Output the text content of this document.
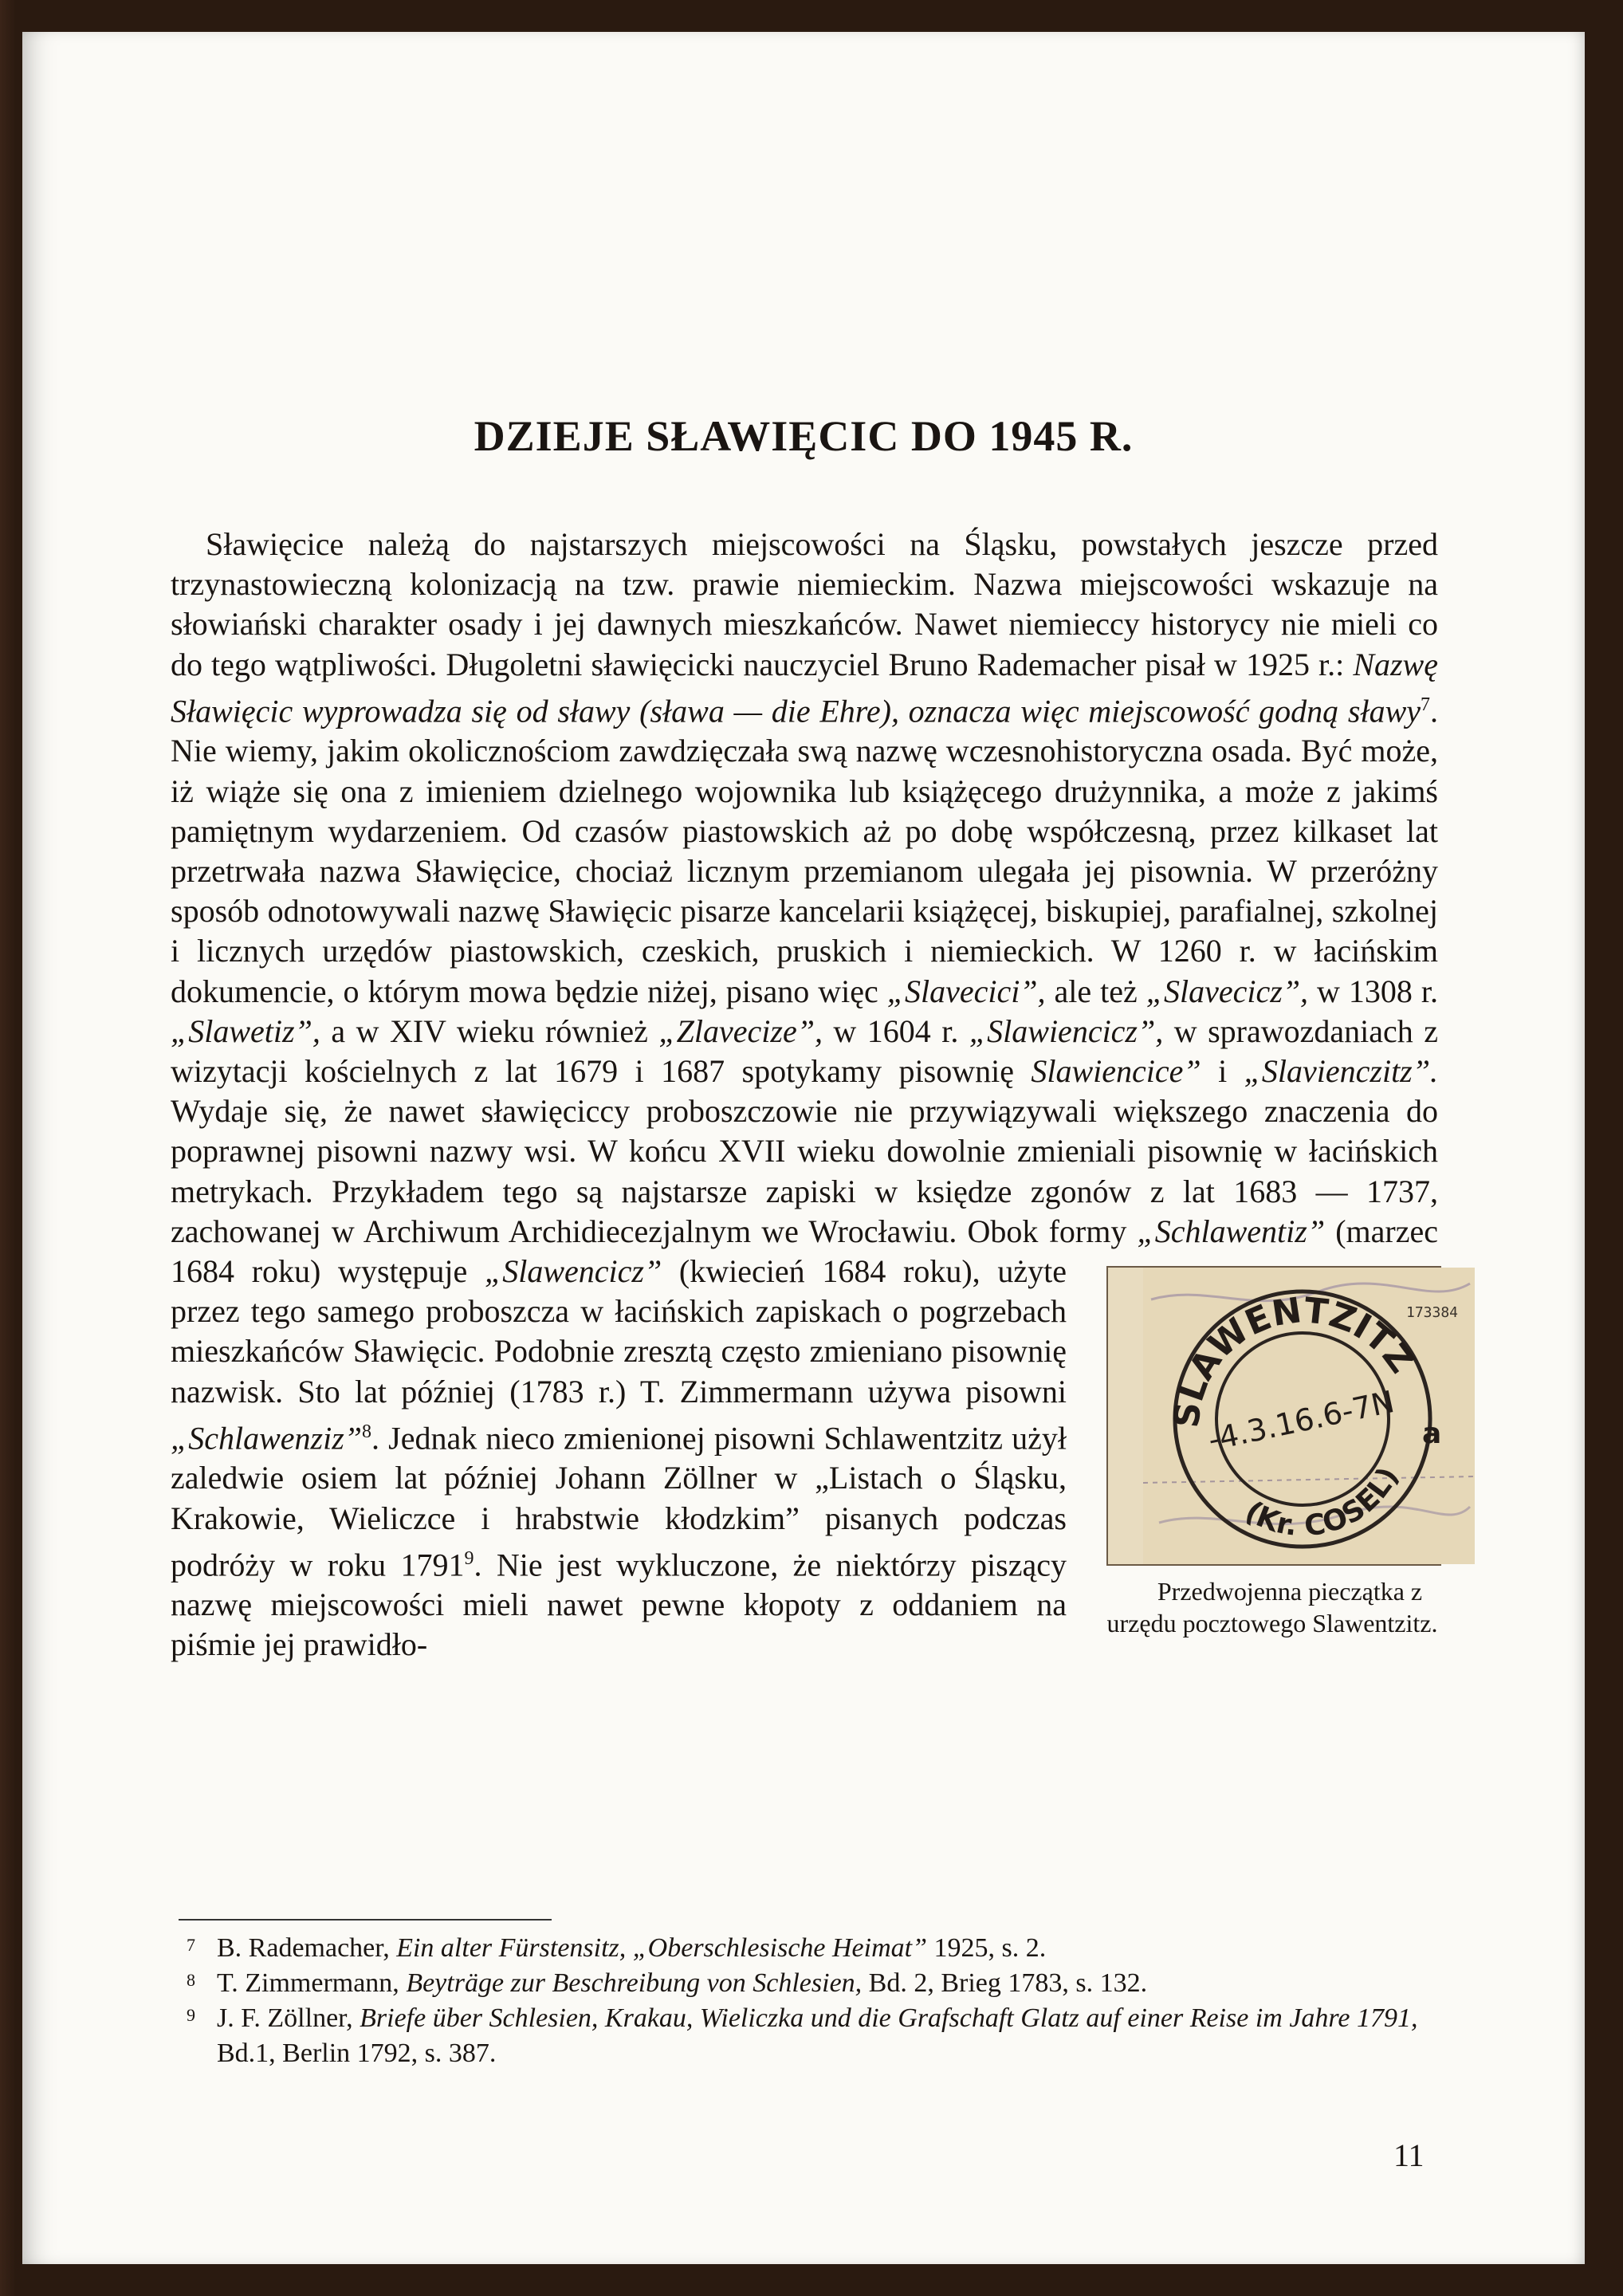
DZIEJE SŁAWIĘCIC DO 1945 R.

Sławięcice należą do najstarszych miejscowości na Śląsku, powstałych jeszcze przed trzynastowieczną kolonizacją na tzw. prawie niemieckim. Nazwa miejscowości wskazuje na słowiański charakter osady i jej dawnych mieszkańców. Nawet niemieccy historycy nie mieli co do tego wątpliwości. Długoletni sławięcicki nauczyciel Bruno Rademacher pisał w 1925 r.: Nazwę Sławięcic wyprowadza się od sławy (sława — die Ehre), oznacza więc miejscowość godną sławy$^7$. Nie wiemy, jakim okolicznościom zawdzięczała swą nazwę wczesnohistoryczna osada. Być może, iż wiąże się ona z imieniem dzielnego wojownika lub książęcego drużynnika, a może z jakimś pamiętnym wydarzeniem. Od czasów piastowskich aż po dobę współczesną, przez kilkaset lat przetrwała nazwa Sławięcice, chociaż licznym przemianom ulegała jej pisownia. W przeróżny sposób odnotowywali nazwę Sławięcic pisarze kancelarii książęcej, biskupiej, parafialnej, szkolnej i licznych urzędów piastowskich, czeskich, pruskich i niemieckich. W 1260 r. w łacińskim dokumencie, o którym mowa będzie niżej, pisano więc „Slavecici”, ale też „Slavecicz”, w 1308 r. „Slawetiz”, a w XIV wieku również „Zlavecize”, w 1604 r. „Slawiencicz”, w sprawozdaniach z wizytacji kościelnych z lat 1679 i 1687 spotykamy pisownię Slawiencice” i „Slavienczitz”. Wydaje się, że nawet sławięciccy proboszczowie nie przywiązywali większego znaczenia do poprawnej pisowni nazwy wsi. W końcu XVII wieku dowolnie zmieniali pisownię w łacińskich metrykach. Przykładem tego są najstarsze zapiski w księdze zgonów z lat 1683 — 1737, zachowanej w Archiwum Archidiecezjalnym we Wrocławiu. Obok formy „Schlawentiz”
SLAWENTZITZ
(Kr. COSEL)
-4.3.16.6-7N a
173384
Przedwojenna pieczątka z urzędu pocztowego Slawentzitz.
(marzec 1684 roku) występuje „Slawencicz” (kwiecień 1684 roku), użyte przez tego samego proboszcza w łacińskich zapiskach o pogrzebach mieszkańców Sławięcic. Podobnie zresztą często zmieniano pisownię nazwisk. Sto lat później (1783 r.) T. Zimmermann używa pisowni „Schlawenziz”$^8$. Jednak nieco zmienionej pisowni Schlawentzitz użył zaledwie osiem lat później Johann Zöllner w „Listach o Śląsku, Krakowie, Wieliczce i hrabstwie kłodzkim” pisanych podczas podróży w roku 1791$^9$. Nie jest wykluczone, że niektórzy piszący nazwę miejscowości mieli nawet pewne kłopoty z oddaniem na piśmie jej prawidło-

7 B. Rademacher, Ein alter Fürstensitz, „Oberschlesische Heimat” 1925, s. 2.
8 T. Zimmermann, Beyträge zur Beschreibung von Schlesien, Bd. 2, Brieg 1783, s. 132.
9 J. F. Zöllner, Briefe über Schlesien, Krakau, Wieliczka und die Grafschaft Glatz auf einer Reise im Jahre 1791, Bd.1, Berlin 1792, s. 387.
11
